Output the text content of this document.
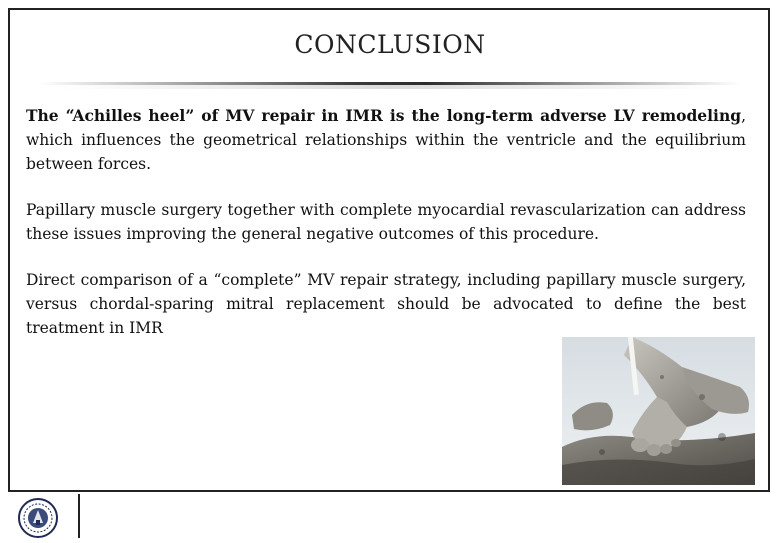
CONCLUSION

The “Achilles heel” of MV repair in IMR is the long-term adverse LV remodeling, which influences the geometrical relationships within the ventricle and the equilibrium between forces.

Papillary muscle surgery together with complete myocardial revascularization can address these issues improving the general negative outcomes of this procedure.

Direct comparison of a “complete” MV repair strategy, including papillary muscle surgery, versus chordal-sparing mitral replacement should be advocated to define the best treatment in IMR
